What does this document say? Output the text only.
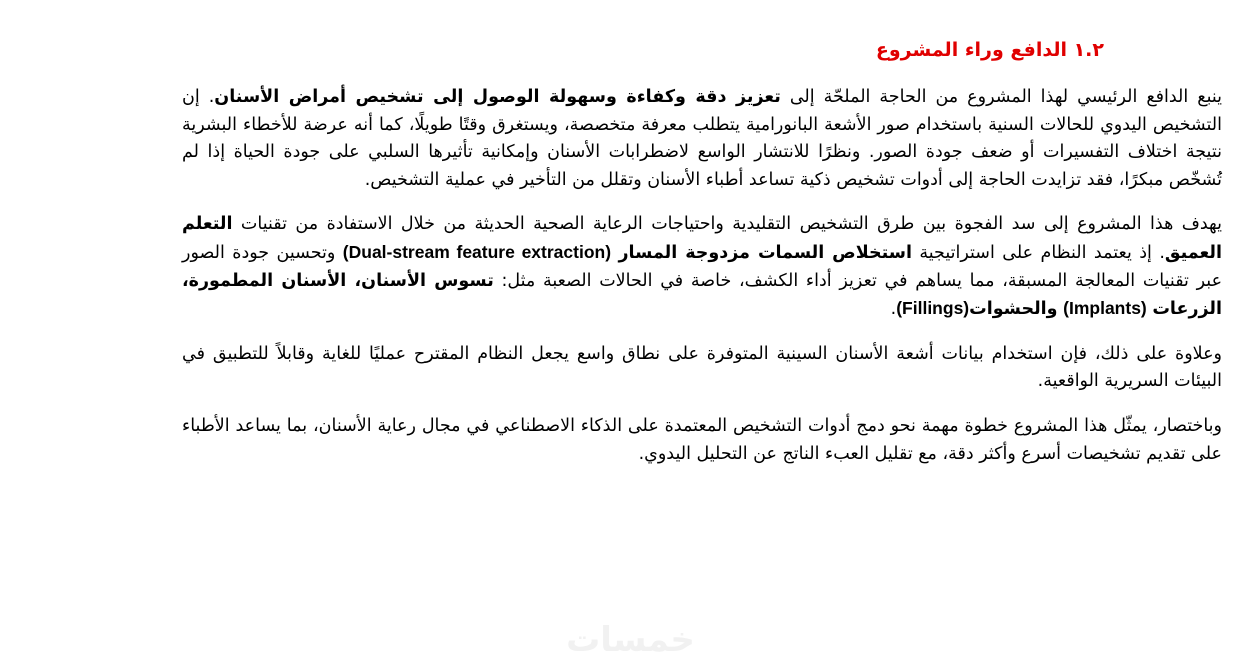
١.٢ الدافع وراء المشروع

ينبع الدافع الرئيسي لهذا المشروع من الحاجة الملحّة إلى تعزيز دقة وكفاءة وسهولة الوصول إلى تشخيص أمراض الأسنان. إن التشخيص اليدوي للحالات السنية باستخدام صور الأشعة البانورامية يتطلب معرفة متخصصة، ويستغرق وقتًا طويلًا، كما أنه عرضة للأخطاء البشرية نتيجة اختلاف التفسيرات أو ضعف جودة الصور. ونظرًا للانتشار الواسع لاضطرابات الأسنان وإمكانية تأثيرها السلبي على جودة الحياة إذا لم تُشخّص مبكرًا، فقد تزايدت الحاجة إلى أدوات تشخيص ذكية تساعد أطباء الأسنان وتقلل من التأخير في عملية التشخيص.

يهدف هذا المشروع إلى سد الفجوة بين طرق التشخيص التقليدية واحتياجات الرعاية الصحية الحديثة من خلال الاستفادة من تقنيات التعلم العميق. إذ يعتمد النظام على استراتيجية استخلاص السمات مزدوجة المسار (Dual-stream feature extraction) وتحسين جودة الصور عبر تقنيات المعالجة المسبقة، مما يساهم في تعزيز أداء الكشف، خاصة في الحالات الصعبة مثل: تسوس الأسنان، الأسنان المطمورة، الزرعات (Implants) والحشوات(Fillings).

وعلاوة على ذلك، فإن استخدام بيانات أشعة الأسنان السينية المتوفرة على نطاق واسع يجعل النظام المقترح عمليًا للغاية وقابلاً للتطبيق في البيئات السريرية الواقعية.

وباختصار، يمثّل هذا المشروع خطوة مهمة نحو دمج أدوات التشخيص المعتمدة على الذكاء الاصطناعي في مجال رعاية الأسنان، بما يساعد الأطباء على تقديم تشخيصات أسرع وأكثر دقة، مع تقليل العبء الناتج عن التحليل اليدوي.

خمسات
